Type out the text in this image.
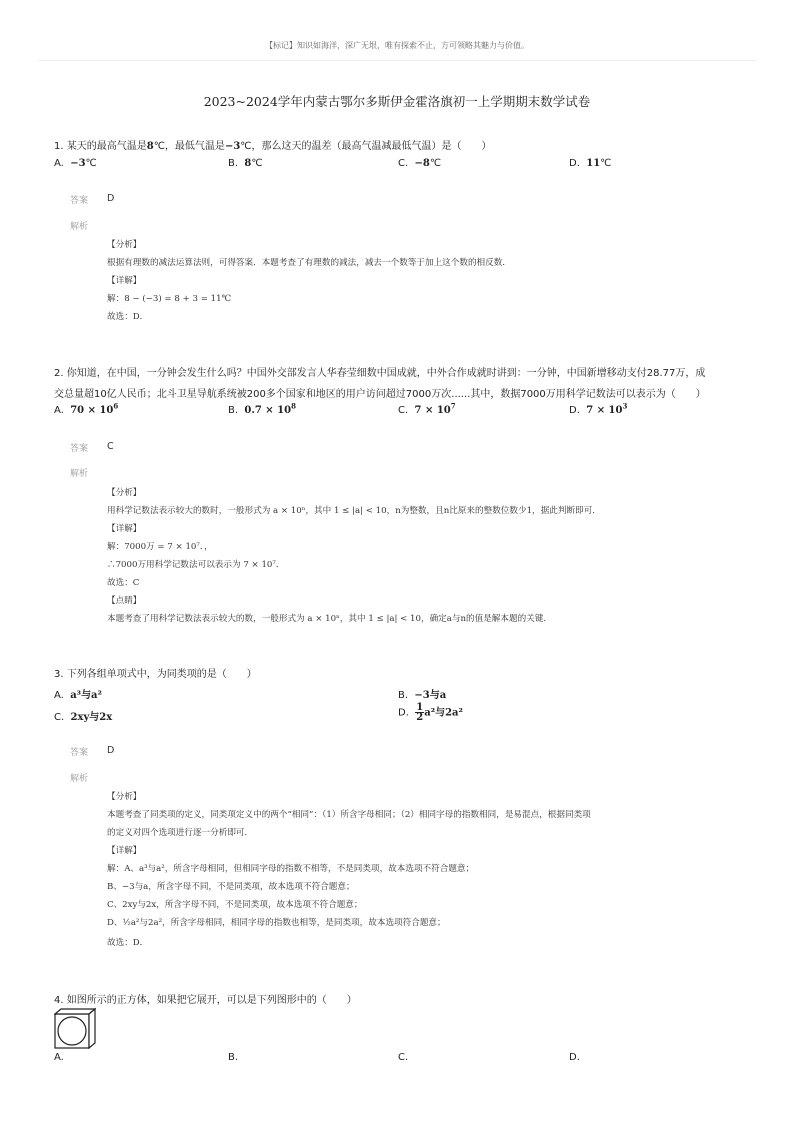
【标记】知识如海洋，深广无垠，唯有探索不止，方可领略其魅力与价值。
2023~2024学年内蒙古鄂尔多斯伊金霍洛旗初一上学期期末数学试卷
1. 某天的最高气温是8℃，最低气温是−3℃，那么这天的温差（最高气温减最低气温）是（　　）
A. −3℃	B. 8℃	C. −8℃	D. 11℃
答案 D
解析
【分析】
根据有理数的减法运算法则，可得答案．本题考查了有理数的减法，减去一个数等于加上这个数的相反数．
【详解】
解：8 − (−3) = 8 + 3 = 11℃
故选：D．
2. 你知道，在中国，一分钟会发生什么吗？中国外交部发言人华春莹细数中国成就，中外合作成就时讲到：一分钟，中国新增移动支付28.77万，成
交总量超10亿人民币；北斗卫星导航系统被200多个国家和地区的用户访问超过7000万次......其中，数据7000万用科学记数法可以表示为（　　）
A. $70 \times 10^6$	B. $0.7 \times 10^8$	C. $7 \times 10^7$	D. $7 \times 10^3$
答案 C
解析
【分析】
用科学记数法表示较大的数时，一般形式为 a × 10ⁿ，其中 1 ≤ |a| < 10，n为整数，且n比原来的整数位数少1，据此判断即可．
【详解】
解：7000万 = 7 × 10⁷．，
∴7000万用科学记数法可以表示为 7 × 10⁷．
故选：C
【点睛】
本题考查了用科学记数法表示较大的数，一般形式为 a × 10ⁿ，其中 1 ≤ |a| < 10，确定a与n的值是解本题的关键．
3. 下列各组单项式中，为同类项的是（　　）
A. a³与a²	B. −3与a
C. 2xy与2x	D. $\frac{1}{2} a^2$与2a²
答案 D
解析
【分析】
本题考查了同类项的定义，同类项定义中的两个“相同”：（1）所含字母相同；（2）相同字母的指数相同，是易混点，根据同类项
的定义对四个选项进行逐一分析即可．
【详解】
解：A、a³与a²，所含字母相同，但相同字母的指数不相等，不是同类项，故本选项不符合题意；
B、−3与a，所含字母不同，不是同类项，故本选项不符合题意；
C、2xy与2x，所含字母不同，不是同类项，故本选项不符合题意；
D、½a²与2a²，所含字母相同，相同字母的指数也相等，是同类项，故本选项符合题意；
故选：D．
4. 如图所示的正方体，如果把它展开，可以是下列图形中的（　　）
A.	B.	C.	D.
